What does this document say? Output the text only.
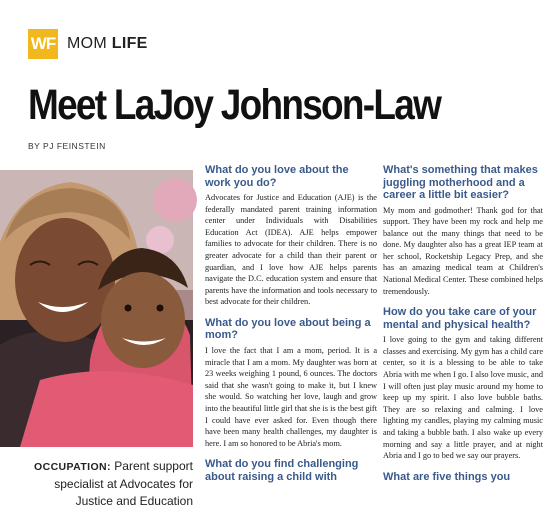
WF MOM LIFE
Meet LaJoy Johnson-Law
BY PJ FEINSTEIN
OCCUPATION: Parent support
specialist at Advocates for
Justice and Education

What do you love about the work you do?

Advocates for Justice and Education (AJE) is the federally mandated parent training information center under Individuals with Disabilities Education Act (IDEA). AJE helps empower families to advocate for their children. There is no greater advocate for a child than their parent or guardian, and I love how AJE helps parents navigate the D.C. education system and ensure that parents have the information and tools necessary to best advocate for their children.

What do you love about being a mom?

I love the fact that I am a mom, period. It is a miracle that I am a mom. My daughter was born at 23 weeks weighing 1 pound, 6 ounces. The doctors said that she wasn't going to make it, but I knew she would. So watching her love, laugh and grow into the beautiful little girl that she is is the best gift I could have ever asked for. Even though there have been many health challenges, my daughter is here. I am so honored to be Abria's mom.

What do you find challenging about raising a child with

What's something that makes juggling motherhood and a career a little bit easier?

My mom and godmother! Thank god for that support. They have been my rock and help me balance out the many things that need to be done. My daughter also has a great IEP team at her school, Rocketship Legacy Prep, and she has an amazing medical team at Children's National Medical Center. These combined helps tremendously.

How do you take care of your mental and physical health?

I love going to the gym and taking different classes and exercising. My gym has a child care center, so it is a blessing to be able to take Abria with me when I go. I also love music, and I will often just play music around my home to keep up my spirit. I also love bubble baths. They are so relaxing and calming. I love lighting my candles, playing my calming music and taking a bubble bath. I also wake up every morning and say a little prayer, and at night Abria and I go to bed we say our prayers.

What are five things you
